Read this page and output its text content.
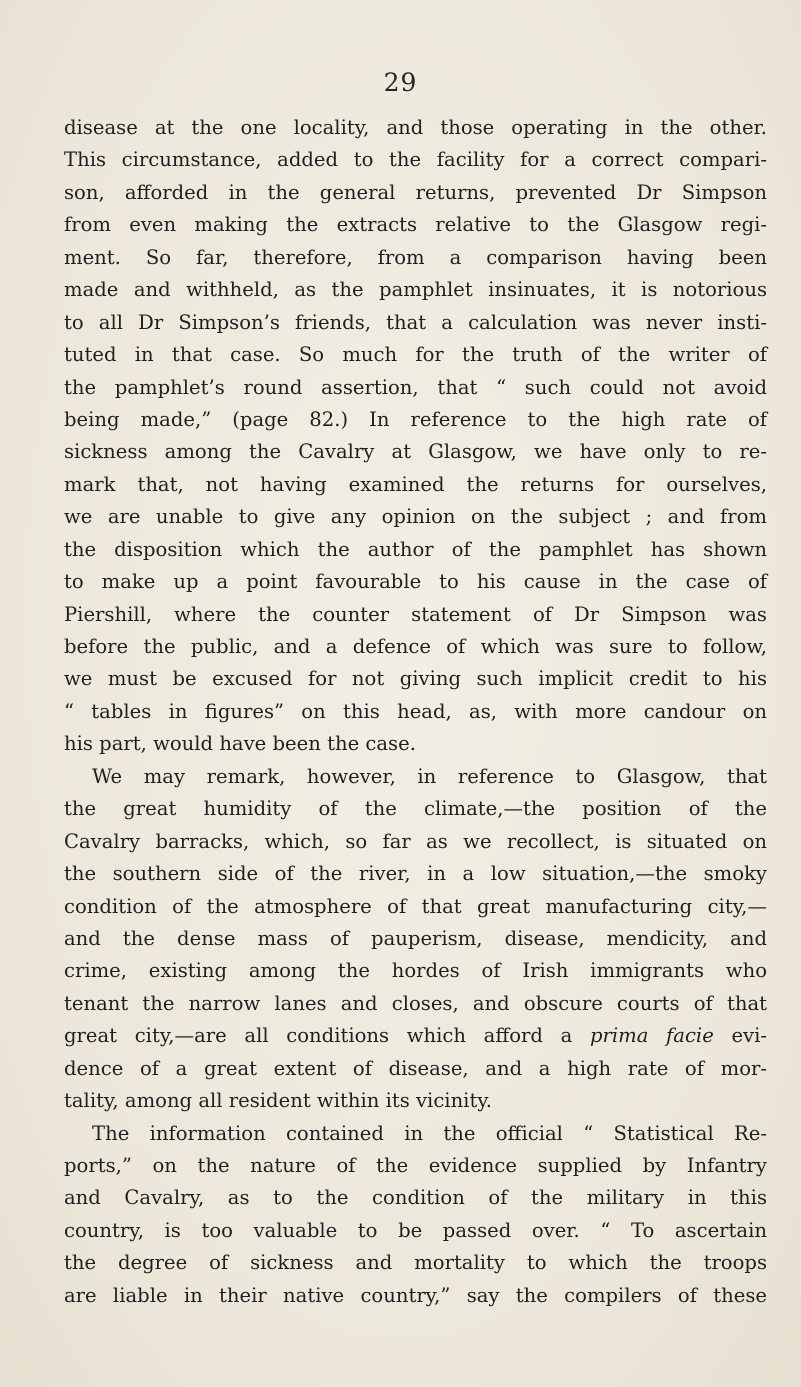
29
disease at the one locality, and those operating in the other.
This circumstance, added to the facility for a correct compari-
son, afforded in the general returns, prevented Dr Simpson
from even making the extracts relative to the Glasgow regi-
ment. So far, therefore, from a comparison having been
made and withheld, as the pamphlet insinuates, it is notorious
to all Dr Simpson’s friends, that a calculation was never insti-
tuted in that case. So much for the truth of the writer of
the pamphlet’s round assertion, that “ such could not avoid
being made,” (page 82.) In reference to the high rate of
sickness among the Cavalry at Glasgow, we have only to re-
mark that, not having examined the returns for ourselves,
we are unable to give any opinion on the subject ; and from
the disposition which the author of the pamphlet has shown
to make up a point favourable to his cause in the case of
Piershill, where the counter statement of Dr Simpson was
before the public, and a defence of which was sure to follow,
we must be excused for not giving such implicit credit to his
“ tables in figures” on this head, as, with more candour on
his part, would have been the case.
We may remark, however, in reference to Glasgow, that
the great humidity of the climate,—the position of the
Cavalry barracks, which, so far as we recollect, is situated on
the southern side of the river, in a low situation,—the smoky
condition of the atmosphere of that great manufacturing city,—
and the dense mass of pauperism, disease, mendicity, and
crime, existing among the hordes of Irish immigrants who
tenant the narrow lanes and closes, and obscure courts of that
great city,—are all conditions which afford a prima facie evi-
dence of a great extent of disease, and a high rate of mor-
tality, among all resident within its vicinity.
The information contained in the official “ Statistical Re-
ports,” on the nature of the evidence supplied by Infantry
and Cavalry, as to the condition of the military in this
country, is too valuable to be passed over. “ To ascertain
the degree of sickness and mortality to which the troops
are liable in their native country,” say the compilers of these
